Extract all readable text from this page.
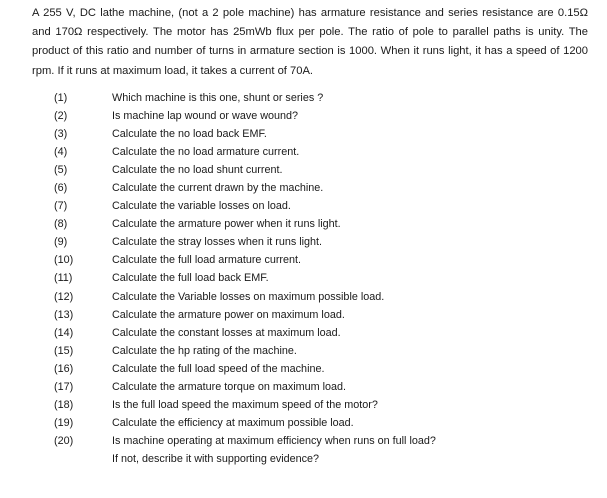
A 255 V, DC lathe machine, (not a 2 pole machine) has armature resistance and series resistance are 0.15Ω and 170Ω respectively. The motor has 25mWb flux per pole. The ratio of pole to parallel paths is unity. The product of this ratio and number of turns in armature section is 1000. When it runs light, it has a speed of 1200 rpm. If it runs at maximum load, it takes a current of 70A.

(1)	Which machine is this one, shunt or series ?
(2)	Is machine lap wound or wave wound?
(3)	Calculate the no load back EMF.
(4)	Calculate the no load armature current.
(5)	Calculate the no load shunt current.
(6)	Calculate the current drawn by the machine.
(7)	Calculate the variable losses on load.
(8)	Calculate the armature power when it runs light.
(9)	Calculate the stray losses when it runs light.
(10)	Calculate the full load armature current.
(11)	Calculate the full load back EMF.
(12)	Calculate the Variable losses on maximum possible load.
(13)	Calculate the armature power on maximum load.
(14)	Calculate the constant losses at maximum load.
(15)	Calculate the hp rating of the machine.
(16)	Calculate the full load speed of the machine.
(17)	Calculate the armature torque on maximum load.
(18)	Is the full load speed the maximum speed of the motor?
(19)	Calculate the efficiency at maximum possible load.
(20)	Is machine operating at maximum efficiency when runs on full load?
If not, describe it with supporting evidence?
